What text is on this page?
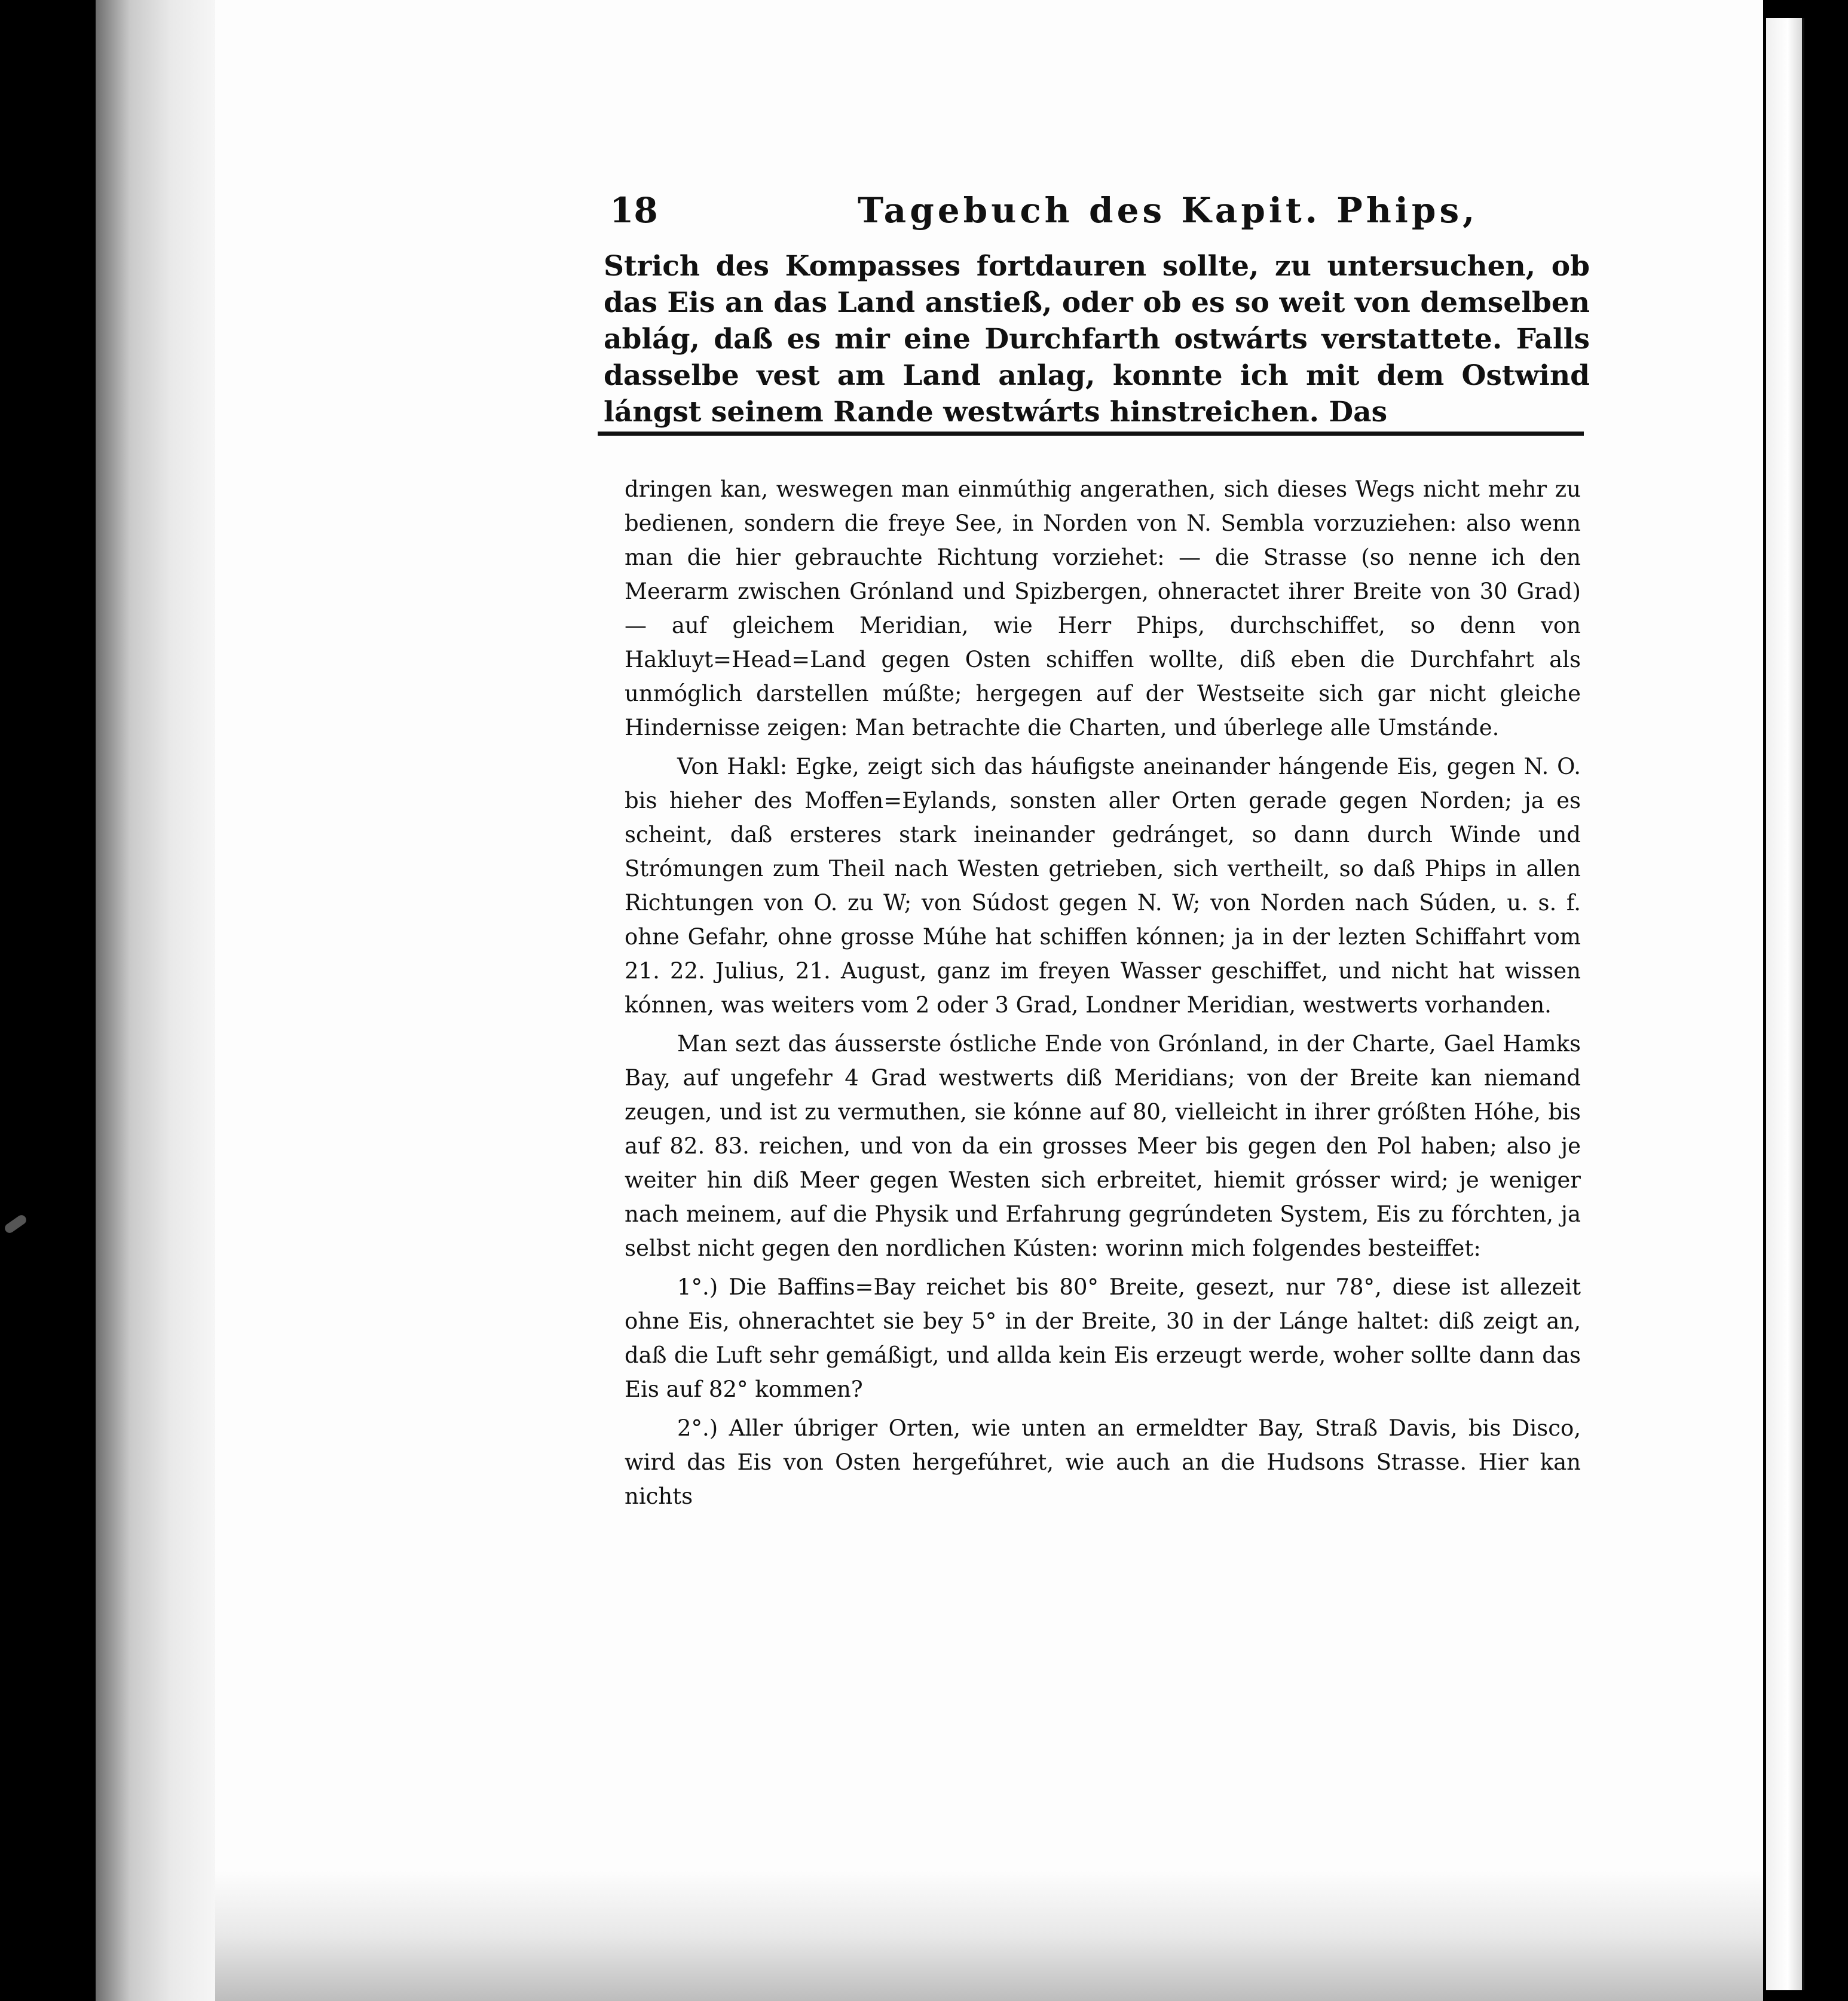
18	Tagebuch des Kapit. Phips,

Strich des Kompasses fortdauren sollte, zu untersuchen, ob das Eis an das Land anstieß, oder ob es so weit von demselben ablág, daß es mir eine Durchfarth ostwárts verstattete. Falls dasselbe vest am Land anlag, konnte ich mit dem Ostwind lángst seinem Rande westwárts hinstreichen. Das

dringen kan, weswegen man einmúthig angerathen, sich dieses Wegs nicht mehr zu bedienen, sondern die freye See, in Norden von N. Sembla vorzuziehen: also wenn man die hier gebrauchte Richtung vorziehet: — die Strasse (so nenne ich den Meerarm zwischen Grónland und Spizbergen, ohneractet ihrer Breite von 30 Grad) — auf gleichem Meridian, wie Herr Phips, durchschiffet, so denn von Hakluyt=Head=Land gegen Osten schiffen wollte, diß eben die Durchfahrt als unmóglich darstellen múßte; hergegen auf der Westseite sich gar nicht gleiche Hindernisse zeigen: Man betrachte die Charten, und úberlege alle Umstánde.

Von Hakl: Egke, zeigt sich das háufigste aneinander hángende Eis, gegen N. O. bis hieher des Moffen=Eylands, sonsten aller Orten gerade gegen Norden; ja es scheint, daß ersteres stark ineinander gedránget, so dann durch Winde und Strómungen zum Theil nach Westen getrieben, sich vertheilt, so daß Phips in allen Richtungen von O. zu W; von Súdost gegen N. W; von Norden nach Súden, u. s. f. ohne Gefahr, ohne grosse Múhe hat schiffen kónnen; ja in der lezten Schiffahrt vom 21. 22. Julius, 21. August, ganz im freyen Wasser geschiffet, und nicht hat wissen kónnen, was weiters vom 2 oder 3 Grad, Londner Meridian, westwerts vorhanden.

Man sezt das áusserste óstliche Ende von Grónland, in der Charte, Gael Hamks Bay, auf ungefehr 4 Grad westwerts diß Meridians; von der Breite kan niemand zeugen, und ist zu vermuthen, sie kónne auf 80, vielleicht in ihrer gróßten Hóhe, bis auf 82. 83. reichen, und von da ein grosses Meer bis gegen den Pol haben; also je weiter hin diß Meer gegen Westen sich erbreitet, hiemit grósser wird; je weniger nach meinem, auf die Physik und Erfahrung gegrúndeten System, Eis zu fórchten, ja selbst nicht gegen den nordlichen Kústen: worinn mich folgendes besteiffet:

1°.) Die Baffins=Bay reichet bis 80° Breite, gesezt, nur 78°, diese ist allezeit ohne Eis, ohnerachtet sie bey 5° in der Breite, 30 in der Lánge haltet: diß zeigt an, daß die Luft sehr gemáßigt, und allda kein Eis erzeugt werde, woher sollte dann das Eis auf 82° kommen?

2°.) Aller úbriger Orten, wie unten an ermeldter Bay, Straß Davis, bis Disco, wird das Eis von Osten hergefúhret, wie auch an die Hudsons Strasse. Hier kan nichts
